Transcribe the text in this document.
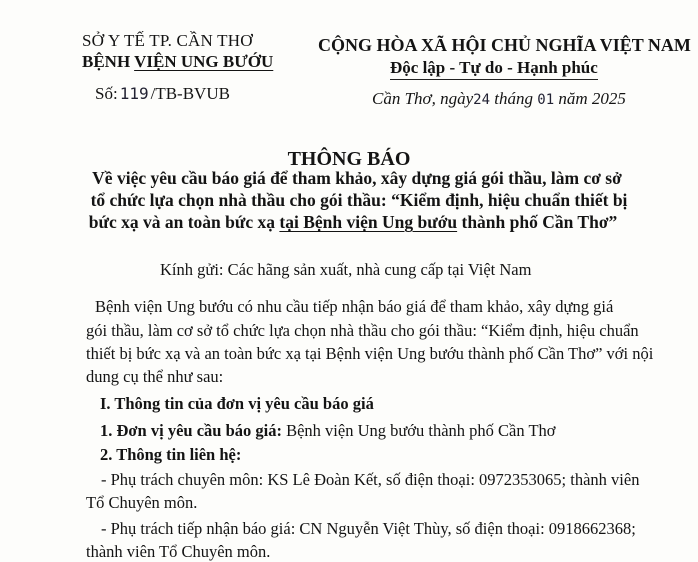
SỞ Y TẾ TP. CẦN THƠ
BỆNH VIỆN UNG BƯỚU
Số: 119 /TB-BVUB
CỘNG HÒA XÃ HỘI CHỦ NGHĨA VIỆT NAM
Độc lập - Tự do - Hạnh phúc
Cần Thơ, ngày24 tháng 01 năm 2025
THÔNG BÁO
Về việc yêu cầu báo giá để tham khảo, xây dựng giá gói thầu, làm cơ sở
tổ chức lựa chọn nhà thầu cho gói thầu: “Kiểm định, hiệu chuẩn thiết bị
bức xạ và an toàn bức xạ tại Bệnh viện Ung bướu thành phố Cần Thơ”
Kính gửi: Các hãng sản xuất, nhà cung cấp tại Việt Nam
Bệnh viện Ung bướu có nhu cầu tiếp nhận báo giá để tham khảo, xây dựng giá
gói thầu, làm cơ sở tổ chức lựa chọn nhà thầu cho gói thầu: “Kiểm định, hiệu chuẩn
thiết bị bức xạ và an toàn bức xạ tại Bệnh viện Ung bướu thành phố Cần Thơ” với nội
dung cụ thể như sau:
I. Thông tin của đơn vị yêu cầu báo giá
1. Đơn vị yêu cầu báo giá: Bệnh viện Ung bướu thành phố Cần Thơ
2. Thông tin liên hệ:
- Phụ trách chuyên môn: KS Lê Đoàn Kết, số điện thoại: 0972353065; thành viên
Tổ Chuyên môn.
- Phụ trách tiếp nhận báo giá: CN Nguyễn Việt Thùy, số điện thoại: 0918662368;
thành viên Tổ Chuyên môn.
